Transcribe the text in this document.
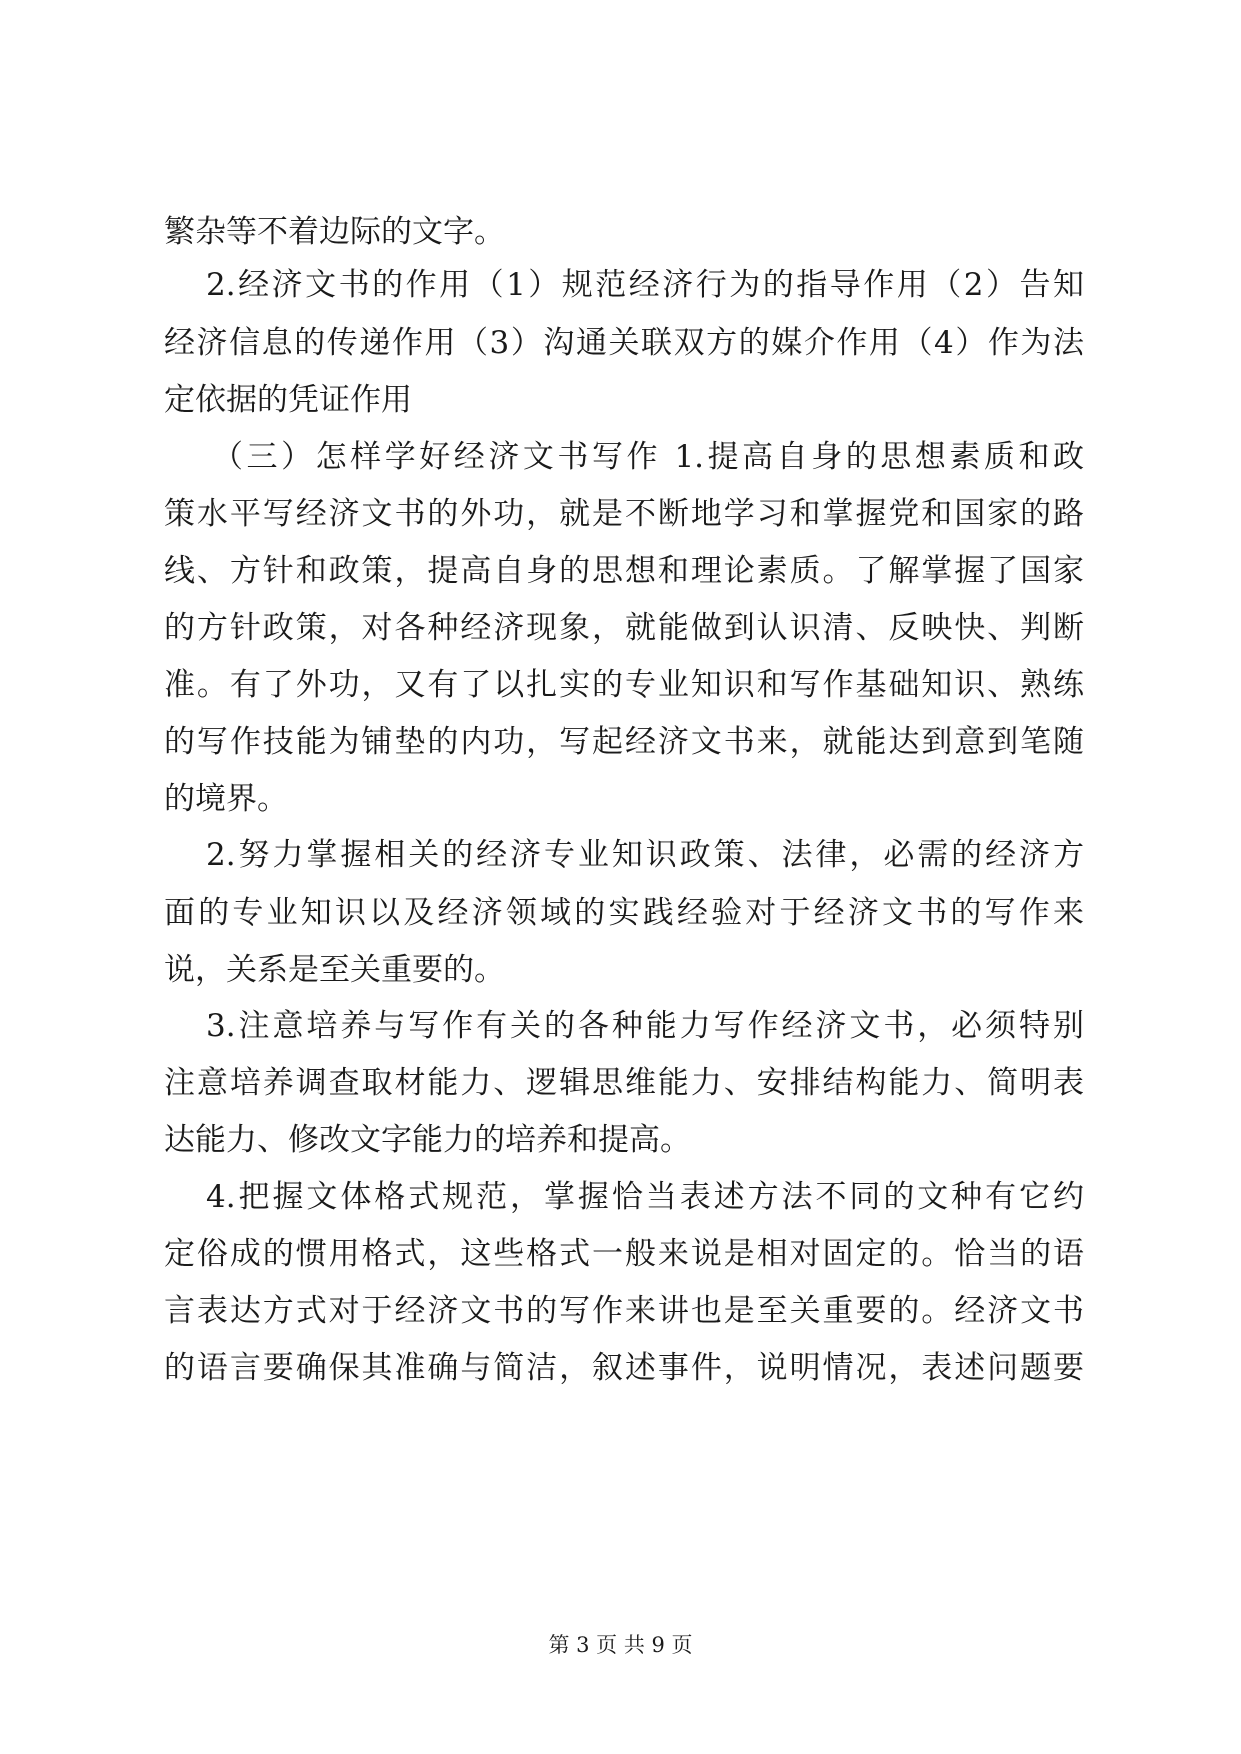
繁杂等不着边际的文字。
2.经济文书的作用（1）规范经济行为的指导作用（2）告知
经济信息的传递作用（3）沟通关联双方的媒介作用（4）作为法
定依据的凭证作用
（三）怎样学好经济文书写作 1.提高自身的思想素质和政
策水平写经济文书的外功，就是不断地学习和掌握党和国家的路
线、方针和政策，提高自身的思想和理论素质。了解掌握了国家
的方针政策，对各种经济现象，就能做到认识清、反映快、判断
准。有了外功，又有了以扎实的专业知识和写作基础知识、熟练
的写作技能为铺垫的内功，写起经济文书来，就能达到意到笔随
的境界。
2.努力掌握相关的经济专业知识政策、法律，必需的经济方
面的专业知识以及经济领域的实践经验对于经济文书的写作来
说，关系是至关重要的。
3.注意培养与写作有关的各种能力写作经济文书，必须特别
注意培养调查取材能力、逻辑思维能力、安排结构能力、简明表
达能力、修改文字能力的培养和提高。
4.把握文体格式规范，掌握恰当表述方法不同的文种有它约
定俗成的惯用格式，这些格式一般来说是相对固定的。恰当的语
言表达方式对于经济文书的写作来讲也是至关重要的。经济文书
的语言要确保其准确与简洁，叙述事件，说明情况，表述问题要
第 3 页 共 9 页
